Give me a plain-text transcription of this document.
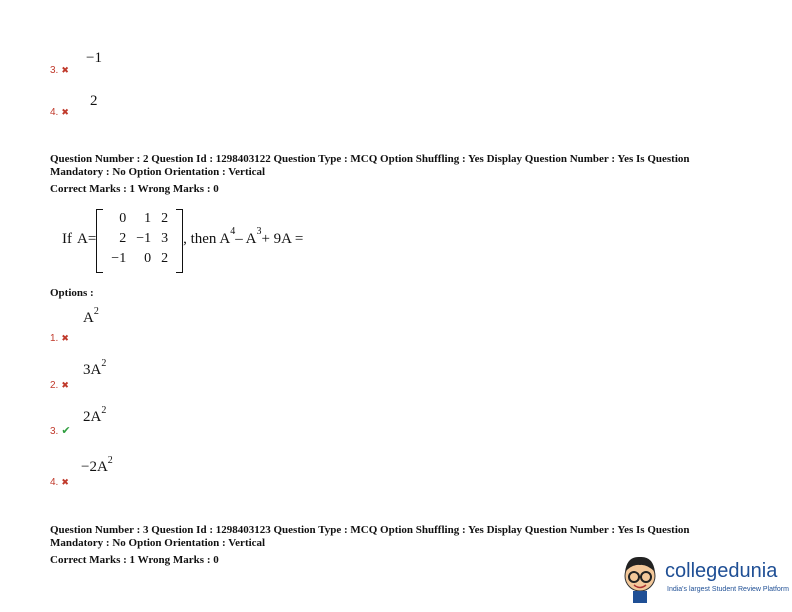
3. ✖
−1
4. ✖
2
Question Number : 2 Question Id : 1298403122 Question Type : MCQ Option Shuffling : Yes Display Question Number : Yes Is Question
Mandatory : No Option Orientation : Vertical
Correct Marks : 1 Wrong Marks : 0
If A=
0	1	2
2	−1	3
−1	0	2
, then A 4 – A 3 + 9A =
Options :
1. ✖
$A^2$
2. ✖
$3A^2$
3. ✔
$2A^2$
4. ✖
$-2A^2$
Question Number : 3 Question Id : 1298403123 Question Type : MCQ Option Shuffling : Yes Display Question Number : Yes Is Question
Mandatory : No Option Orientation : Vertical
Correct Marks : 1 Wrong Marks : 0	collegedunia
India's largest Student Review Platform
